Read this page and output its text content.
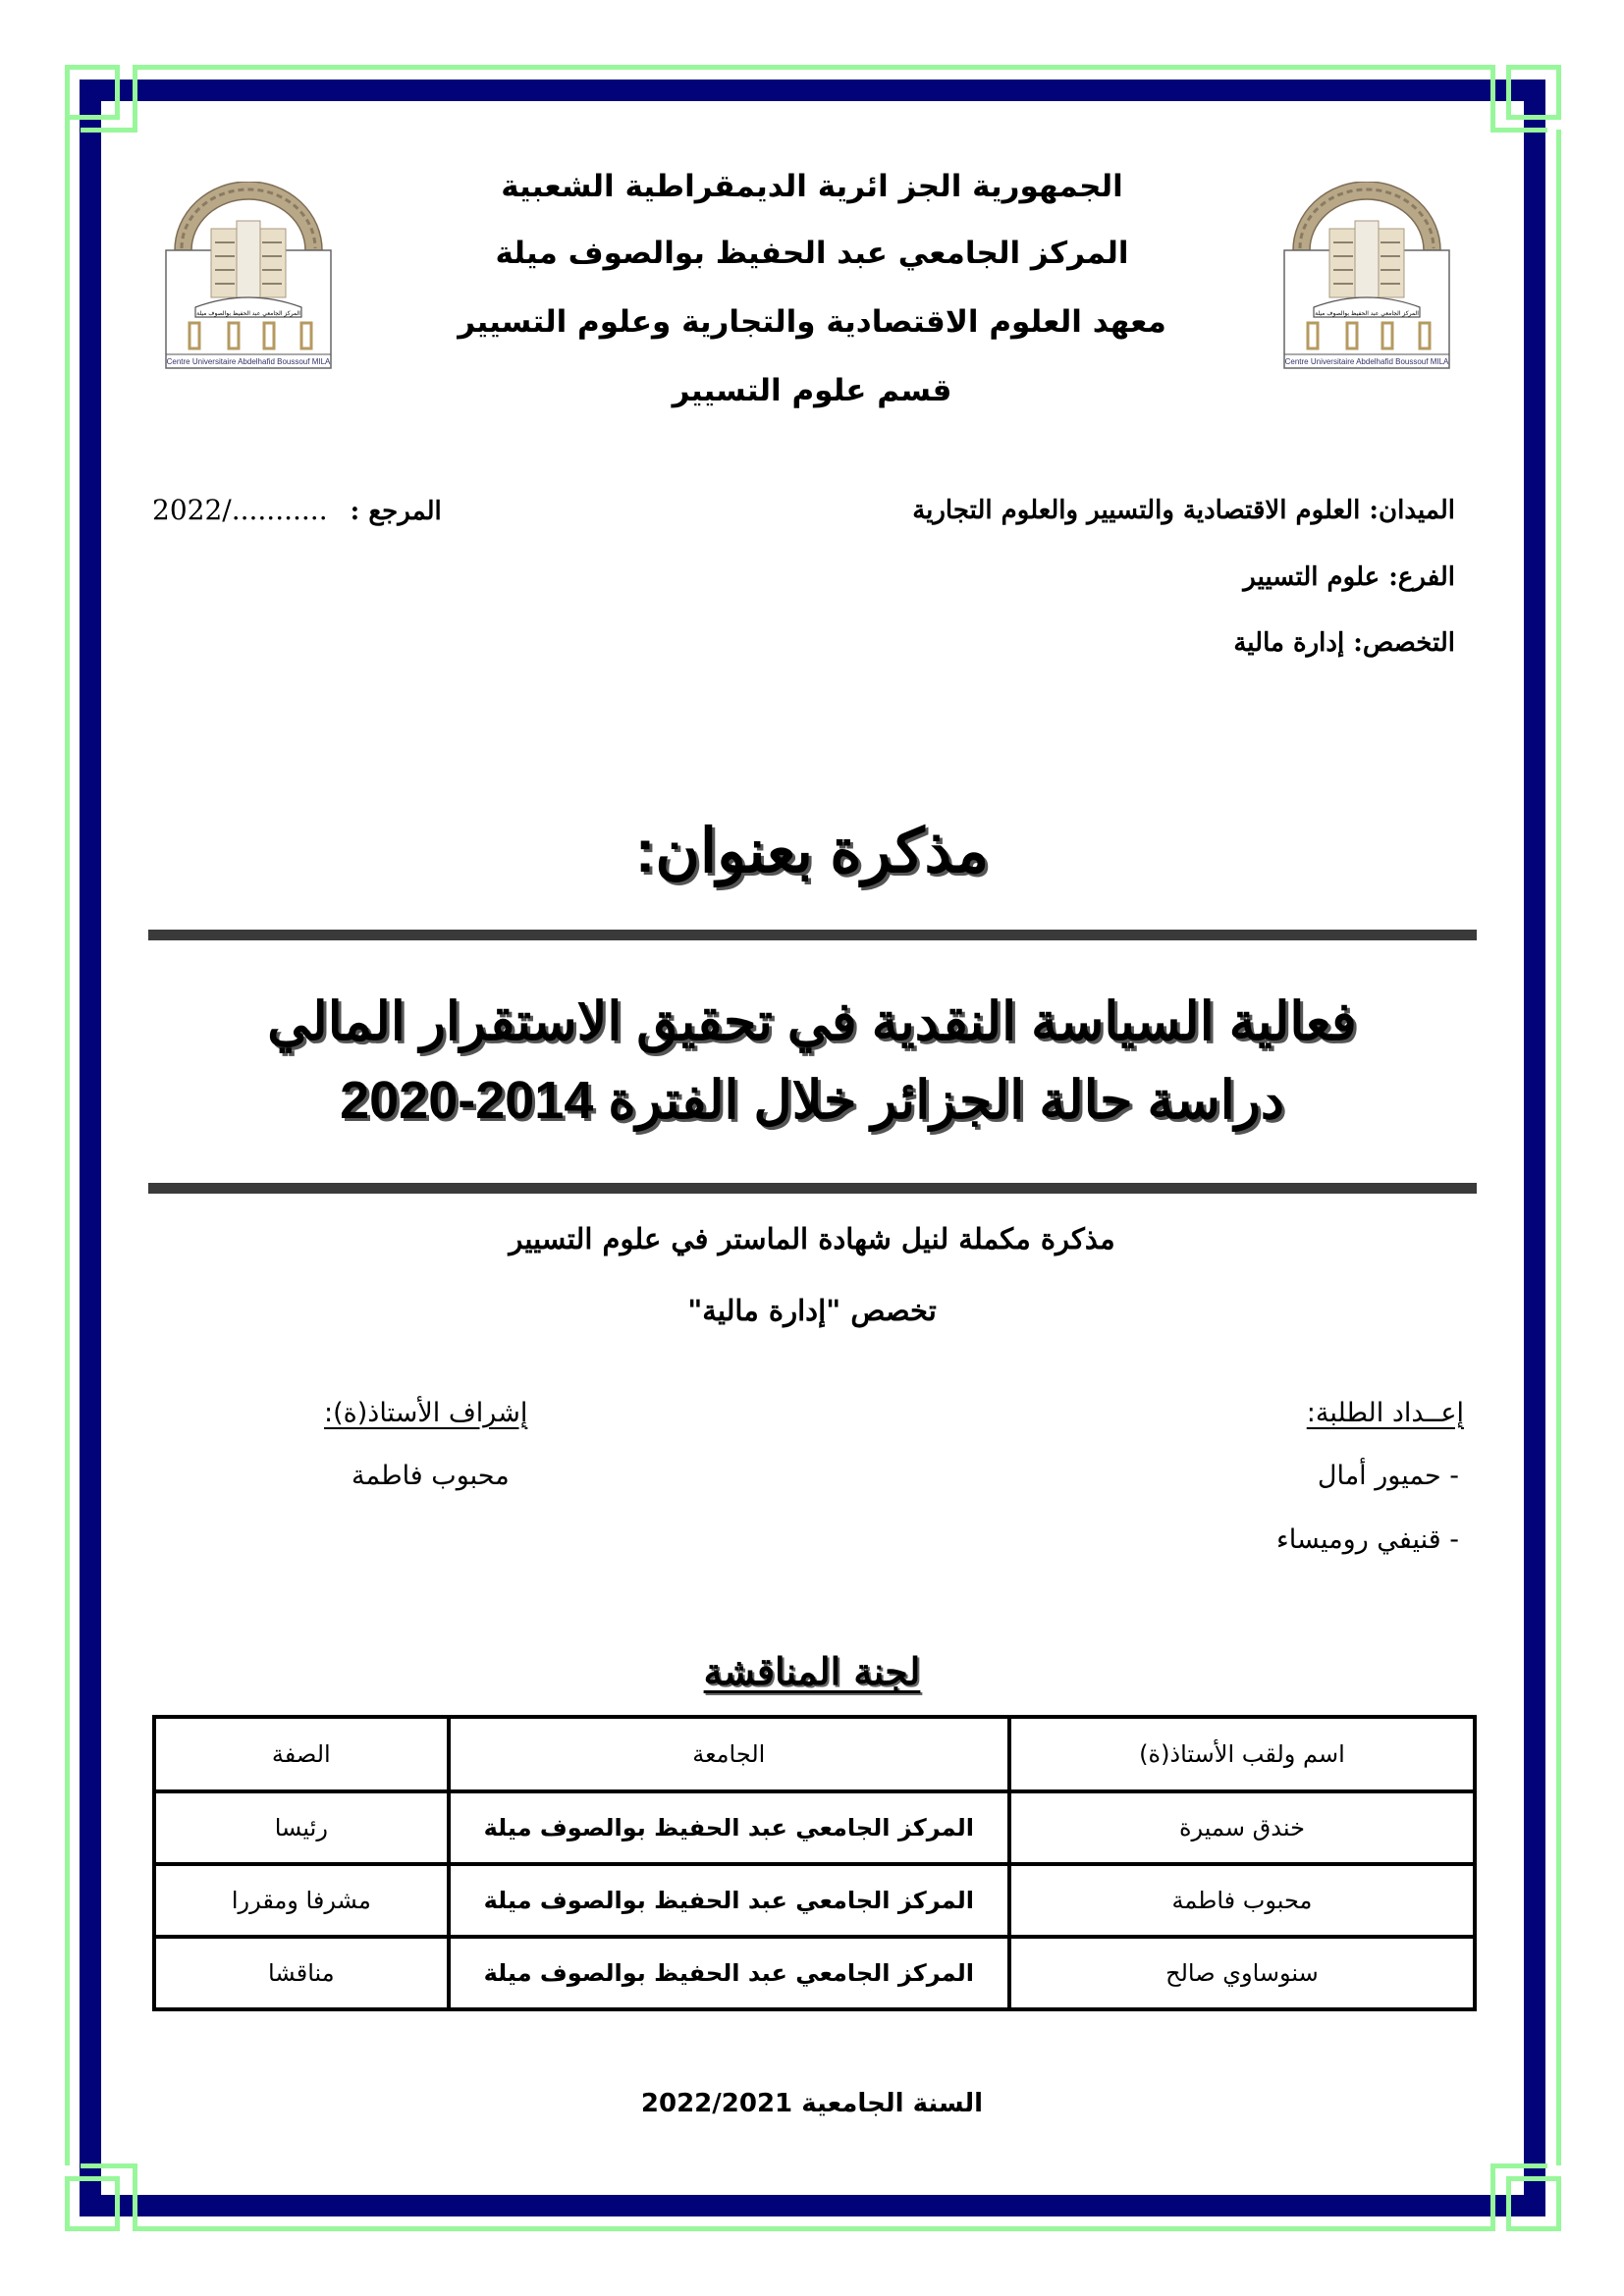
المركز الجامعي عبد الحفيظ بوالصوف ميلة
Centre Universitaire Abdelhafid Boussouf MILA
المركز الجامعي عبد الحفيظ بوالصوف ميلة
Centre Universitaire Abdelhafid Boussouf MILA
الجمهورية الجز ائرية الديمقراطية الشعبية
المركز الجامعي عبد الحفيظ بوالصوف ميلة
معهد العلوم الاقتصادية والتجارية وعلوم التسيير
قسم علوم التسيير
الميدان: العلوم الاقتصادية والتسيير والعلوم التجارية
الفرع: علوم التسيير
التخصص: إدارة مالية
2022/........... المرجع :
مذكرة بعنوان:
فعالية السياسة النقدية في تحقيق الاستقرار المالي
دراسة حالة الجزائر خلال الفترة 2014-2020
مذكرة مكملة لنيل شهادة الماستر في علوم التسيير
تخصص "إدارة مالية"
إعــداد الطلبة:
- حميور أمال
- قنيفي روميساء
إشراف الأستاذ(ة):
محبوب فاطمة
لجنة المناقشة
اسم ولقب الأستاذ(ة)	الجامعة	الصفة
خندق سميرة	المركز الجامعي عبد الحفيظ بوالصوف ميلة	رئيسا
محبوب فاطمة	المركز الجامعي عبد الحفيظ بوالصوف ميلة	مشرفا ومقررا
سنوساوي صالح	المركز الجامعي عبد الحفيظ بوالصوف ميلة	مناقشا
السنة الجامعية 2022/2021
